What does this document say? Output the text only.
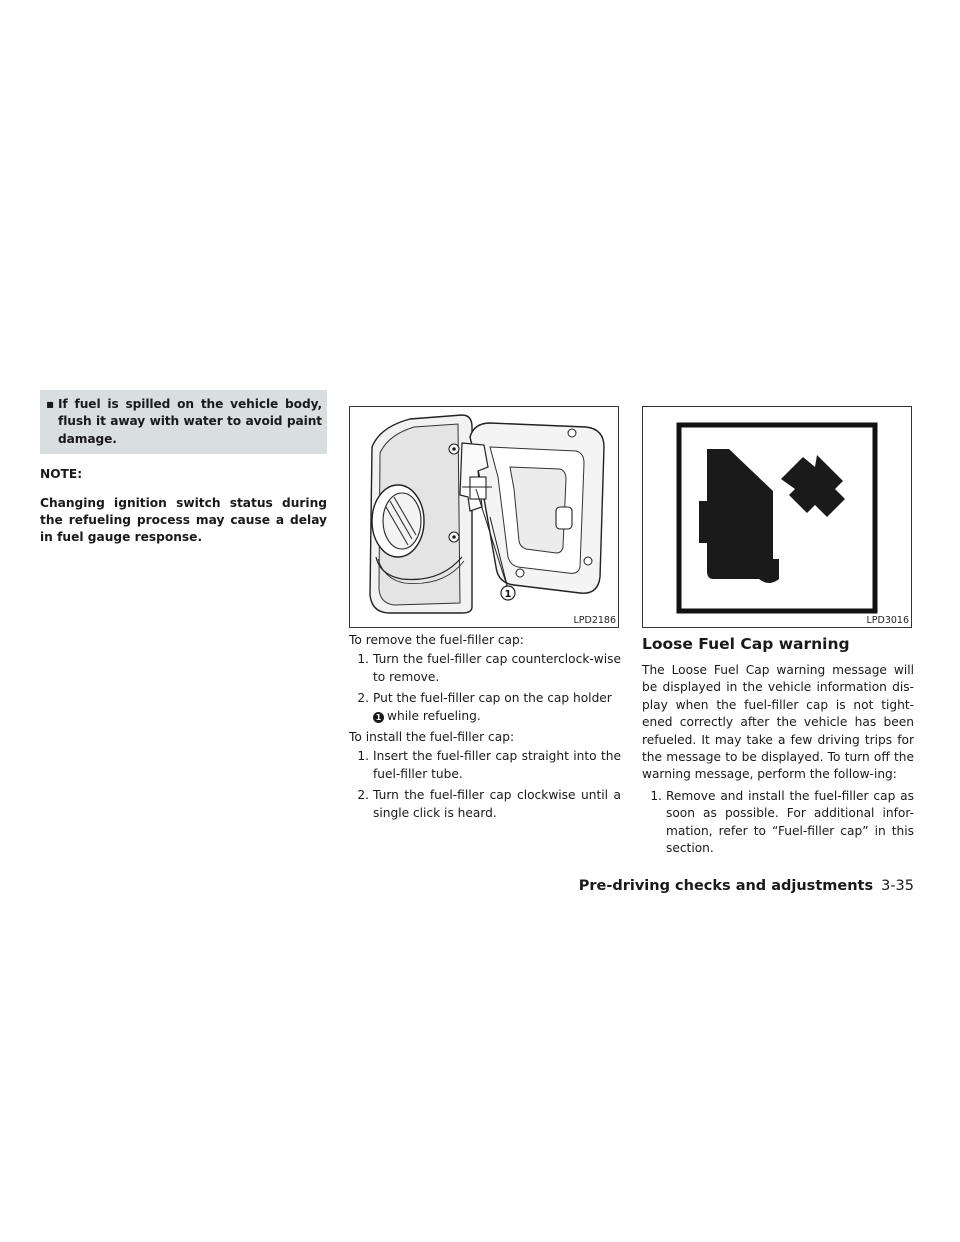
▪ If fuel is spilled on the vehicle body, flush it away with water to avoid paint damage.

NOTE:

Changing ignition switch status during the refueling process may cause a delay in fuel gauge response.

1
LPD2186

To remove the fuel-filler cap:

1. Turn the fuel-filler cap counterclock-wise to remove.
2. Put the fuel-filler cap on the cap holder
1 while refueling.

To install the fuel-filler cap:

1. Insert the fuel-filler cap straight into the fuel-filler tube.
2. Turn the fuel-filler cap clockwise until a single click is heard.
LPD3016
Loose Fuel Cap warning

The Loose Fuel Cap warning message will be displayed in the vehicle information dis-play when the fuel-filler cap is not tight-ened correctly after the vehicle has been refueled. It may take a few driving trips for the message to be displayed. To turn off the warning message, perform the follow-ing:

1. Remove and install the fuel-filler cap as soon as possible. For additional infor-mation, refer to “Fuel-filler cap” in this section.
Pre-driving checks and adjustments 3-35
